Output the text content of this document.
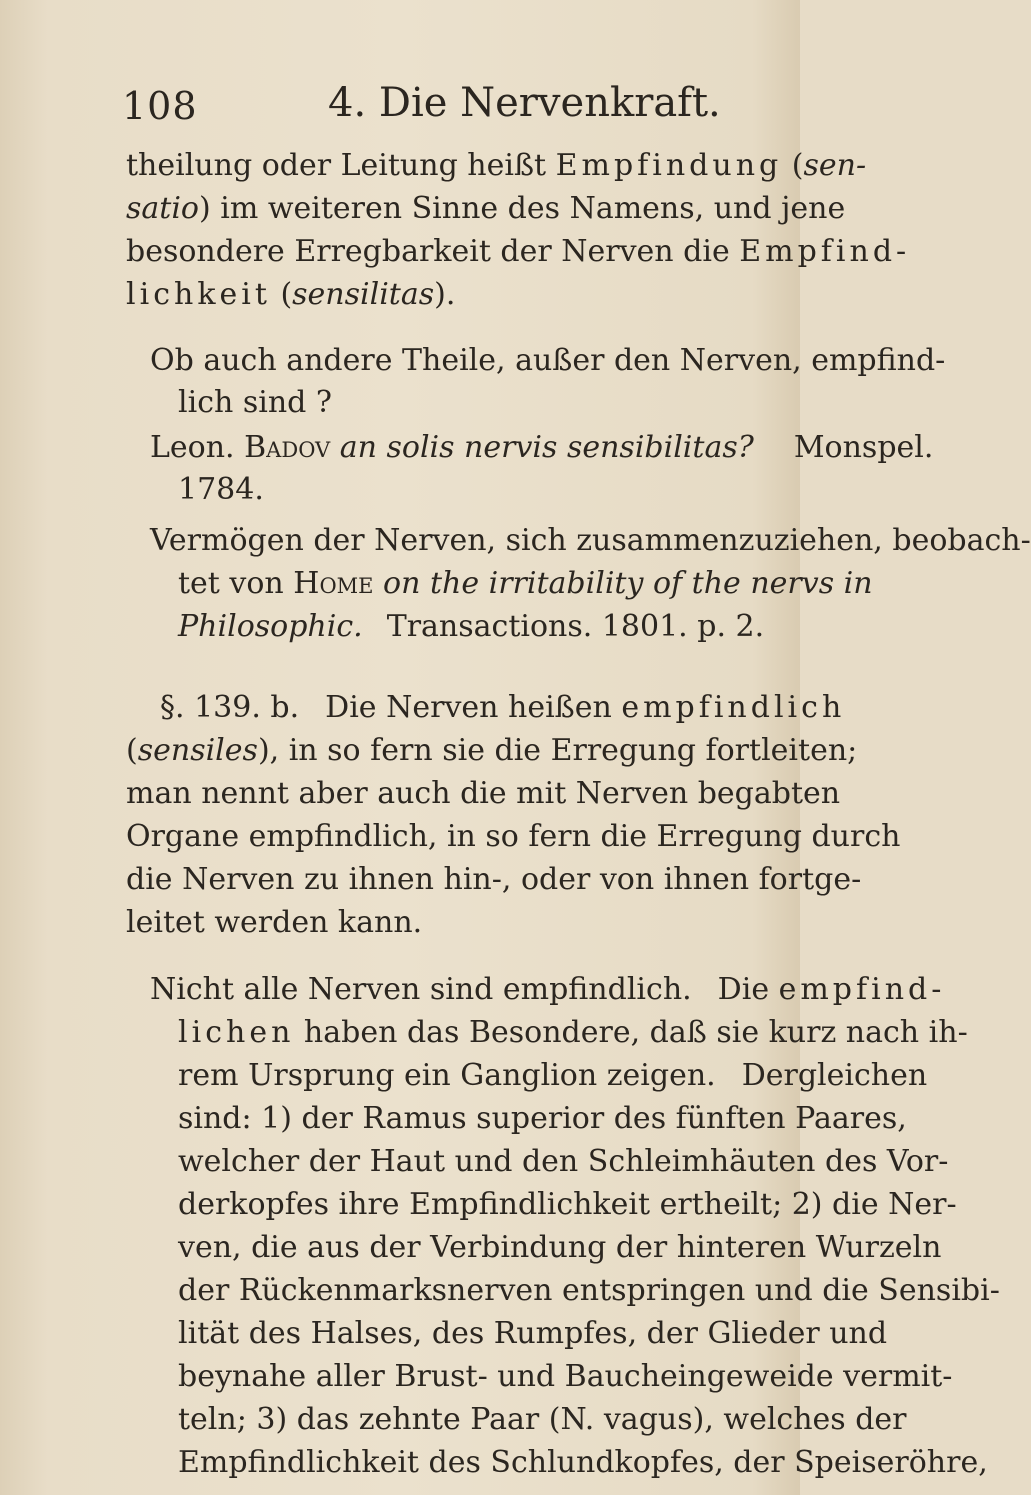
108	4. Die Nervenkraft.
theilung oder Leitung heißt Empfindung (sen-
satio) im weiteren Sinne des Namens, und jene
besondere Erregbarkeit der Nerven die Empfind-
lichkeit (sensilitas).
Ob auch andere Theile, außer den Nerven, empfind-
lich sind ?
Leon. Badov an solis nervis sensibilitas? Monspel.
1784.
Vermögen der Nerven, sich zusammenzuziehen, beobach-
tet von Home on the irritability of the nervs in
Philosophic. Transactions. 1801. p. 2.
§. 139. b. Die Nerven heißen empfindlich
(sensiles), in so fern sie die Erregung fortleiten;
man nennt aber auch die mit Nerven begabten
Organe empfindlich, in so fern die Erregung durch
die Nerven zu ihnen hin-, oder von ihnen fortge-
leitet werden kann.
Nicht alle Nerven sind empfindlich. Die empfind-
lichen haben das Besondere, daß sie kurz nach ih-
rem Ursprung ein Ganglion zeigen. Dergleichen
sind: 1) der Ramus superior des fünften Paares,
welcher der Haut und den Schleimhäuten des Vor-
derkopfes ihre Empfindlichkeit ertheilt; 2) die Ner-
ven, die aus der Verbindung der hinteren Wurzeln
der Rückenmarksnerven entspringen und die Sensibi-
lität des Halses, des Rumpfes, der Glieder und
beynahe aller Brust- und Baucheingeweide vermit-
teln; 3) das zehnte Paar (N. vagus), welches der
Empfindlichkeit des Schlundkopfes, der Speiseröhre,
